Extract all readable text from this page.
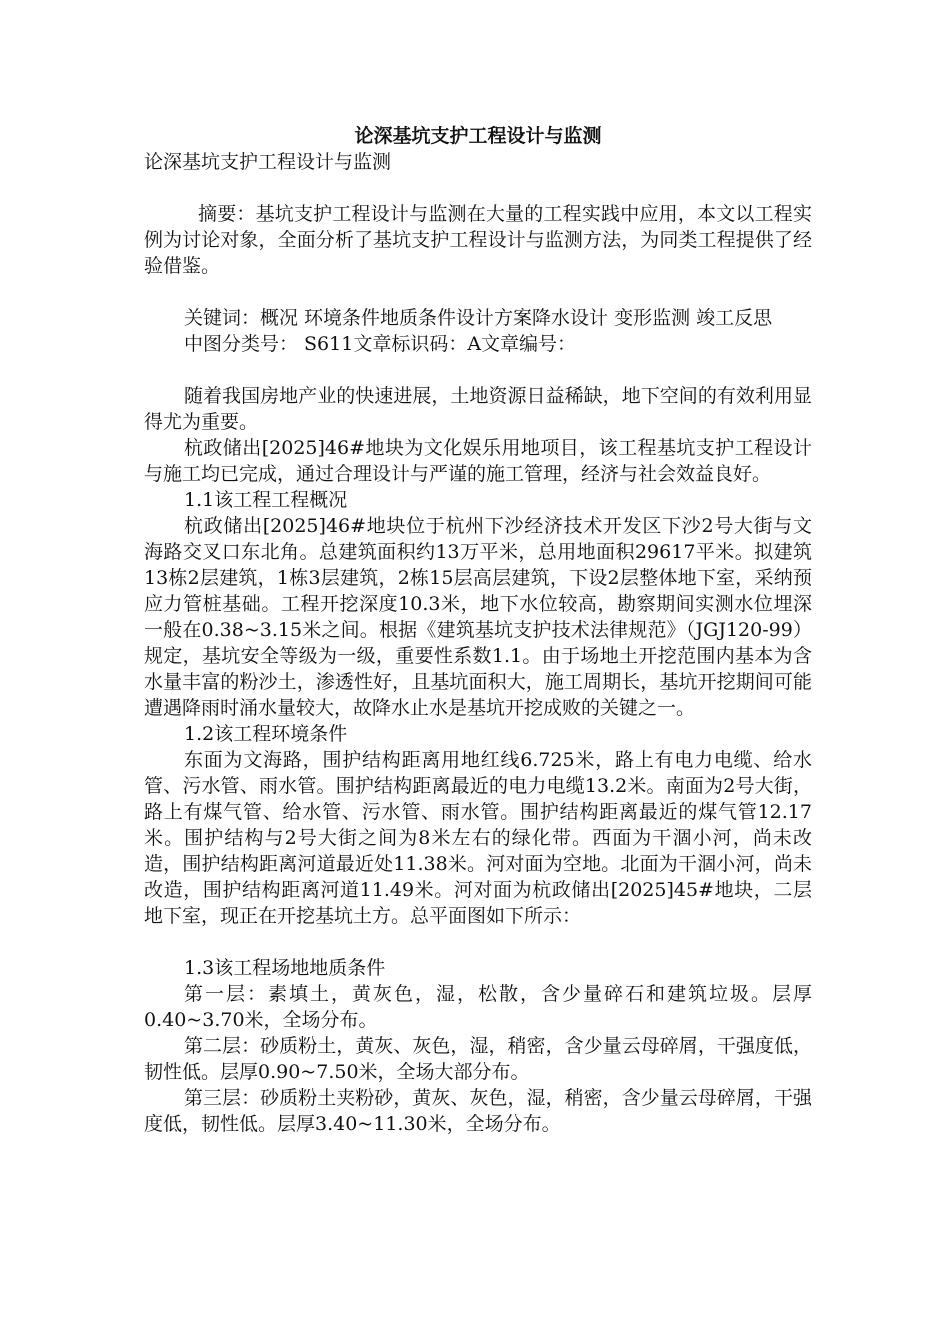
论深基坑支护工程设计与监测

论深基坑支护工程设计与监测

摘要：基坑支护工程设计与监测在大量的工程实践中应用，本文以工程实例为讨论对象，全面分析了基坑支护工程设计与监测方法，为同类工程提供了经验借鉴。

关键词：概况 环境条件地质条件设计方案降水设计 变形监测 竣工反思

中图分类号： S611文章标识码：A文章编号：

随着我国房地产业的快速进展，土地资源日益稀缺，地下空间的有效利用显得尤为重要。

杭政储出[2025]46#地块为文化娱乐用地项目，该工程基坑支护工程设计与施工均已完成，通过合理设计与严谨的施工管理，经济与社会效益良好。

1.1该工程工程概况

杭政储出[2025]46#地块位于杭州下沙经济技术开发区下沙2号大街与文海路交叉口东北角。总建筑面积约13万平米，总用地面积29617平米。拟建筑13栋2层建筑，1栋3层建筑，2栋15层高层建筑，下设2层整体地下室，采纳预应力管桩基础。工程开挖深度10.3米，地下水位较高，勘察期间实测水位埋深一般在0.38~3.15米之间。根据《建筑基坑支护技术法律规范》（JGJ120-99）规定，基坑安全等级为一级，重要性系数1.1。由于场地土开挖范围内基本为含水量丰富的粉沙土，渗透性好，且基坑面积大，施工周期长，基坑开挖期间可能遭遇降雨时涌水量较大，故降水止水是基坑开挖成败的关键之一。

1.2该工程环境条件

东面为文海路，围护结构距离用地红线6.725米，路上有电力电缆、给水管、污水管、雨水管。围护结构距离最近的电力电缆13.2米。南面为2号大街，路上有煤气管、给水管、污水管、雨水管。围护结构距离最近的煤气管12.17米。围护结构与2号大街之间为8米左右的绿化带。西面为干涸小河，尚未改造，围护结构距离河道最近处11.38米。河对面为空地。北面为干涸小河，尚未改造，围护结构距离河道11.49米。河对面为杭政储出[2025]45#地块，二层地下室，现正在开挖基坑土方。总平面图如下所示：

1.3该工程场地地质条件

第一层：素填土，黄灰色，湿，松散，含少量碎石和建筑垃圾。层厚0.40~3.70米，全场分布。

第二层：砂质粉土，黄灰、灰色，湿，稍密，含少量云母碎屑，干强度低，韧性低。层厚0.90~7.50米，全场大部分布。

第三层：砂质粉土夹粉砂，黄灰、灰色，湿，稍密，含少量云母碎屑，干强度低，韧性低。层厚3.40~11.30米，全场分布。
